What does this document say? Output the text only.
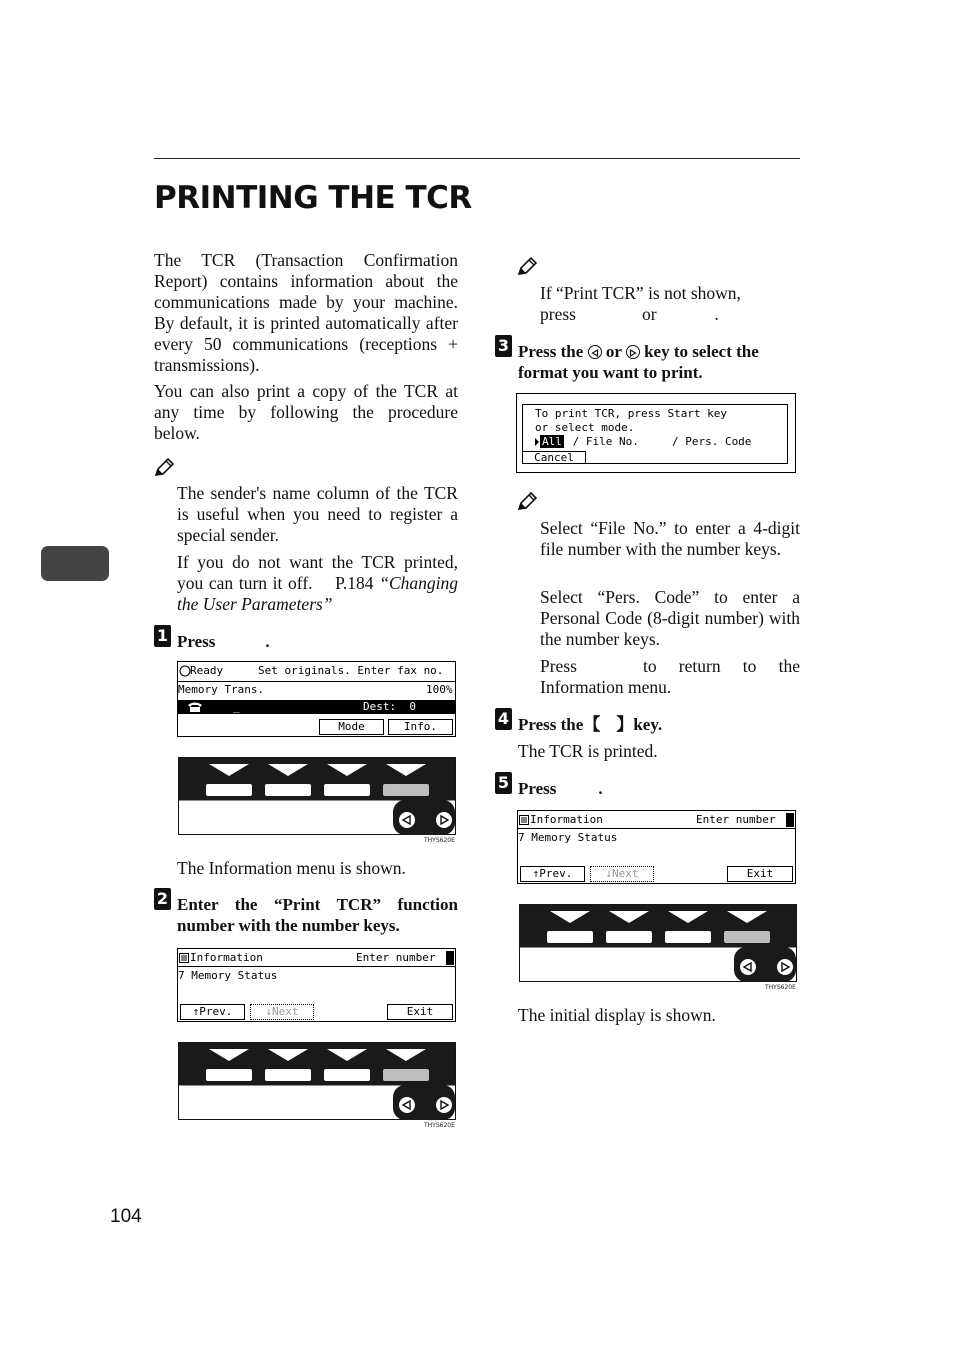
PRINTING THE TCR
The TCR (Transaction Confirmation Report) contains information about the communications made by your machine. By default, it is printed automatically after every 50 communications (receptions + transmissions).
You can also print a copy of the TCR at any time by following the procedure below.
The sender's name column of the TCR is useful when you need to register a special sender.
If you do not want the TCR printed, you can turn it off.    P.184 “Changing the User Parameters”
1 Press	.
Ready	Set originals. Enter fax no.
Memory Trans.	100%
_	Dest:  0
Mode	Info.
THYS620E
The Information menu is shown.
2 Enter the “Print TCR” function number with the number keys.
Information	Enter number
7 Memory Status
↑Prev.	↓Next	Exit
THYS620E
104
If “Print TCR” is not shown,
press	or	.
3 Press the or key to select the
format you want to print.
To print TCR, press Start key
or select mode.
All / File No.     / Pers. Code
Cancel
Select “File No.” to enter a 4-digit file number with the number keys.
Select “Pers. Code” to enter a Personal Code (8-digit number) with the number keys.
Press	to return to the Information menu.
4 Press the【 】key.
The TCR is printed.
5 Press .
Information	Enter number
7 Memory Status
↑Prev.	↓Next	Exit
THYS620E
The initial display is shown.
